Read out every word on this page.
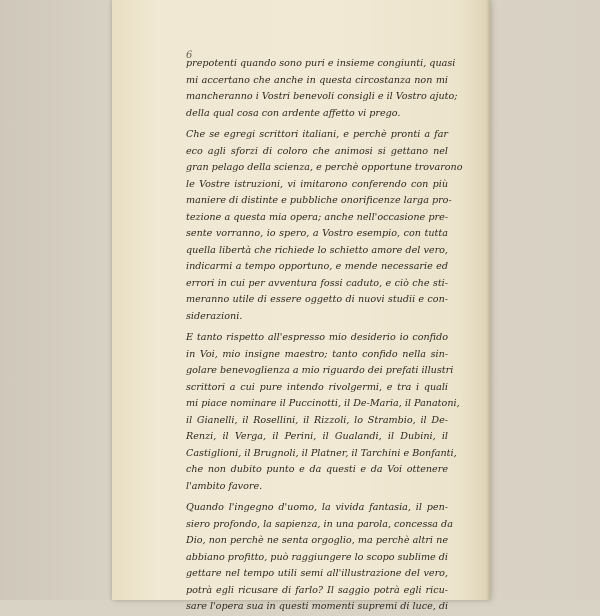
6

prepotenti quando sono puri e insieme congiunti, quasi
mi accertano che anche in questa circostanza non mi
mancheranno i Vostri benevoli consigli e il Vostro ajuto;
della qual cosa con ardente affetto vi prego.

Che se egregi scrittori italiani, e perchè pronti a far
eco agli sforzi di coloro che animosi si gettano nel
gran pelago della scienza, e perchè opportune trovarono
le Vostre istruzioni, vi imitarono conferendo con più
maniere di distinte e pubbliche onorificenze larga pro-
tezione a questa mia opera; anche nell'occasione pre-
sente vorranno, io spero, a Vostro esempio, con tutta
quella libertà che richiede lo schietto amore del vero,
indicarmi a tempo opportuno, e mende necessarie ed
errori in cui per avventura fossi caduto, e ciò che sti-
meranno utile di essere oggetto di nuovi studii e con-
siderazioni.

E tanto rispetto all'espresso mio desiderio io confido
in Voi, mio insigne maestro; tanto confido nella sin-
golare benevoglienza a mio riguardo dei prefati illustri
scrittori a cui pure intendo rivolgermi, e tra i quali
mi piace nominare il Puccinotti, il De-Maria, il Panatoni,
il Gianelli, il Rosellini, il Rizzoli, lo Strambio, il De-
Renzi, il Verga, il Perini, il Gualandi, il Dubini, il
Castiglioni, il Brugnoli, il Platner, il Tarchini e Bonfanti,
che non dubito punto e da questi e da Voi ottenere
l'ambito favore.

Quando l'ingegno d'uomo, la vivida fantasia, il pen-
siero profondo, la sapienza, in una parola, concessa da
Dio, non perchè ne senta orgoglio, ma perchè altri ne
abbiano profitto, può raggiungere lo scopo sublime di
gettare nel tempo utili semi all'illustrazione del vero,
potrà egli ricusare di farlo? Il saggio potrà egli ricu-
sare l'opera sua in questi momenti supremi di luce, di
